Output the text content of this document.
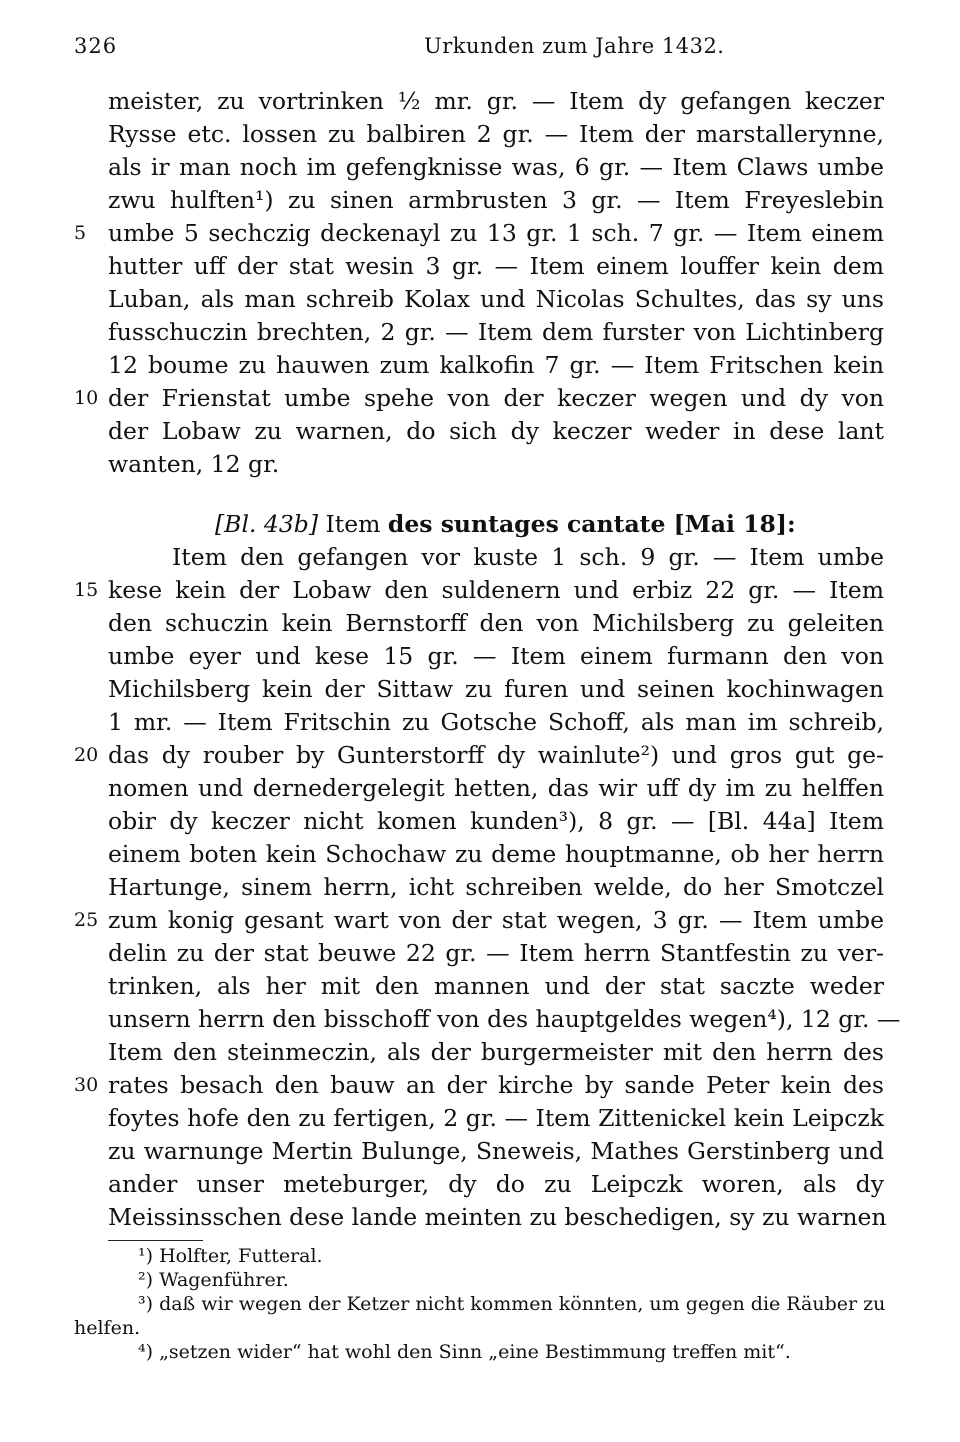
326	Urkunden zum Jahre 1432.
meister, zu vortrinken ½ mr. gr. — Item dy gefangen keczer
Rysse etc. lossen zu balbiren 2 gr. — Item der marstallerynne,
als ir man noch im gefengknisse was, 6 gr. — Item Claws umbe
zwu hulften¹) zu sinen armbrusten 3 gr. — Item Freyeslebin
5 umbe 5 sechczig deckenayl zu 13 gr. 1 sch. 7 gr. — Item einem
hutter uff der stat wesin 3 gr. — Item einem louffer kein dem
Luban, als man schreib Kolax und Nicolas Schultes, das sy uns
fusschuczin brechten, 2 gr. — Item dem furster von Lichtinberg
12 boume zu hauwen zum kalkofin 7 gr. — Item Fritschen kein
10 der Frienstat umbe spehe von der keczer wegen und dy von
der Lobaw zu warnen, do sich dy keczer weder in dese lant
wanten, 12 gr.
[Bl. 43b] Item des suntages cantate [Mai 18]:
Item den gefangen vor kuste 1 sch. 9 gr. — Item umbe
15 kese kein der Lobaw den suldenern und erbiz 22 gr. — Item
den schuczin kein Bernstorff den von Michilsberg zu geleiten
umbe eyer und kese 15 gr. — Item einem furmann den von
Michilsberg kein der Sittaw zu furen und seinen kochinwagen
1 mr. — Item Fritschin zu Gotsche Schoff, als man im schreib,
20 das dy rouber by Gunterstorff dy wainlute²) und gros gut ge-
nomen und dernedergelegit hetten, das wir uff dy im zu helffen
obir dy keczer nicht komen kunden³), 8 gr. — [Bl. 44a] Item
einem boten kein Schochaw zu deme houptmanne, ob her herrn
Hartunge, sinem herrn, icht schreiben welde, do her Smotczel
25 zum konig gesant wart von der stat wegen, 3 gr. — Item umbe
delin zu der stat beuwe 22 gr. — Item herrn Stantfestin zu ver-
trinken, als her mit den mannen und der stat saczte weder
unsern herrn den bisschoff von des hauptgeldes wegen⁴), 12 gr. —
Item den steinmeczin, als der burgermeister mit den herrn des
30 rates besach den bauw an der kirche by sande Peter kein des
foytes hofe den zu fertigen, 2 gr. — Item Zittenickel kein Leipczk
zu warnunge Mertin Bulunge, Sneweis, Mathes Gerstinberg und
ander unser meteburger, dy do zu Leipczk woren, als dy
Meissinsschen dese lande meinten zu beschedigen, sy zu warnen
¹) Holfter, Futteral.
²) Wagenführer.
³) daß wir wegen der Ketzer nicht kommen könnten, um gegen die Räuber zu
helfen.
⁴) „setzen wider“ hat wohl den Sinn „eine Bestimmung treffen mit“.
